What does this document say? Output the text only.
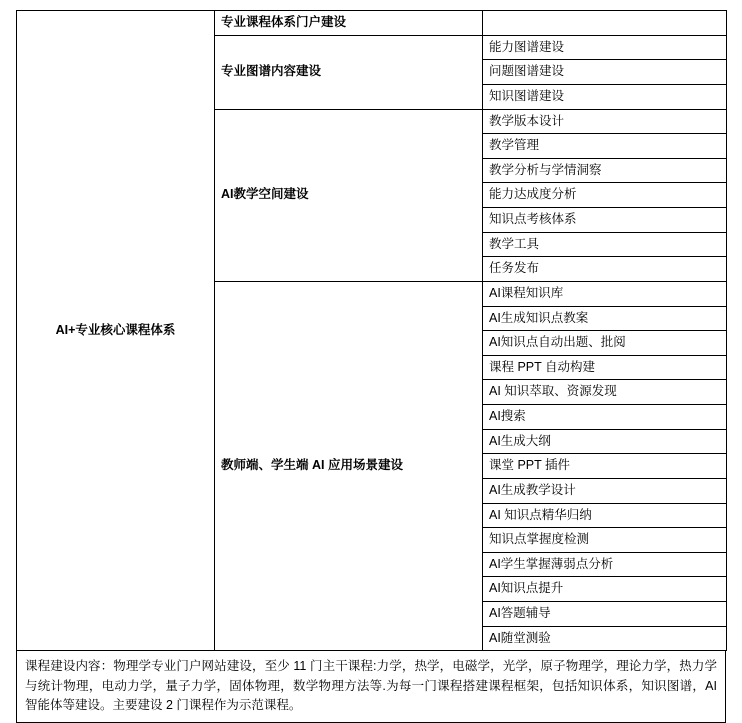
AI+专业核心课程体系	专业课程体系门户建设	
	专业图谱内容建设	能力图谱建设
		问题图谱建设
		知识图谱建设
	AI教学空间建设	教学版本设计
		教学管理
		教学分析与学情洞察
		能力达成度分析
		知识点考核体系
		教学工具
		任务发布
	教师端、学生端 AI 应用场景建设	AI课程知识库
		AI生成知识点教案
		AI知识点自动出题、批阅
		课程 PPT 自动构建
		AI 知识萃取、资源发现
		AI搜索
		AI生成大纲
		课堂 PPT 插件
		AI生成教学设计
		AI 知识点精华归纳
		知识点掌握度检测
		AI学生掌握薄弱点分析
		AI知识点提升
		AI答题辅导
		AI随堂测验

课程建设内容：物理学专业门户网站建设，至少 11 门主干课程:力学，热学，电磁学，光学，原子物理学，理论力学，热力学与统计物理，电动力学，量子力学，固体物理，数学物理方法等.为每一门课程搭建课程框架，包括知识体系，知识图谱，AI 智能体等建设。主要建设 2 门课程作为示范课程。
